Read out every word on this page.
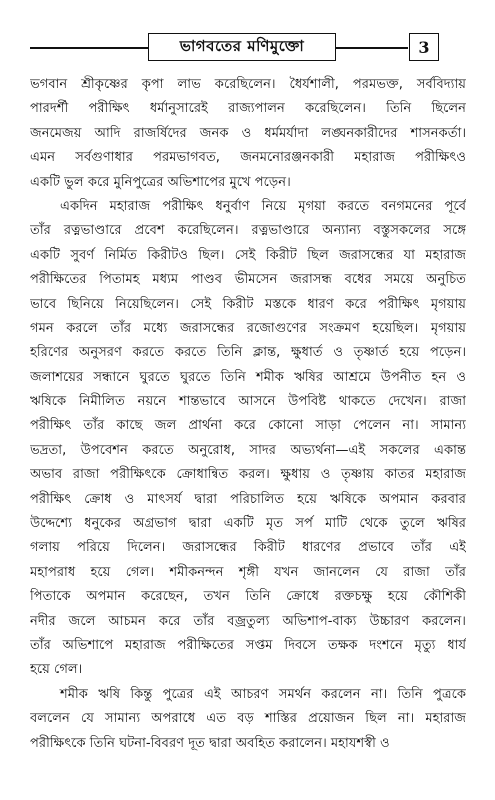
ভাগবতের মণিমুক্তো	3
ভগবান শ্রীকৃষ্ণের কৃপা লাভ করেছিলেন। ধৈর্যশালী, পরমভক্ত, সর্ববিদ্যায়
পারদর্শী পরীক্ষিৎ ধর্মানুসারেই রাজ্যপালন করেছিলেন। তিনি ছিলেন
জনমেজয় আদি রাজর্ষিদের জনক ও ধর্মমর্যাদা লঙ্ঘনকারীদের শাসনকর্তা।
এমন সর্বগুণাধার পরমভাগবত, জনমনোরঞ্জনকারী মহারাজ পরীক্ষিৎও
একটি ভুল করে মুনিপুত্রের অভিশাপের মুখে পড়েন।
একদিন মহারাজ পরীক্ষিৎ ধনুর্বাণ নিয়ে মৃগয়া করতে বনগমনের পূর্বে
তাঁর রত্নভাণ্ডারে প্রবেশ করেছিলেন। রত্নভাণ্ডারে অন্যান্য বস্তুসকলের সঙ্গে
একটি সুবর্ণ নির্মিত কিরীটও ছিল। সেই কিরীট ছিল জরাসন্ধের যা মহারাজ
পরীক্ষিতের পিতামহ মধ্যম পাণ্ডব ভীমসেন জরাসন্ধ বধের সময়ে অনুচিত
ভাবে ছিনিয়ে নিয়েছিলেন। সেই কিরীট মস্তকে ধারণ করে পরীক্ষিৎ মৃগয়ায়
গমন করলে তাঁর মধ্যে জরাসন্ধের রজোগুণের সংক্রমণ হয়েছিল। মৃগয়ায়
হরিণের অনুসরণ করতে করতে তিনি ক্লান্ত, ক্ষুধার্ত ও তৃষ্ণার্ত হয়ে পড়েন।
জলাশয়ের সন্ধানে ঘুরতে ঘুরতে তিনি শমীক ঋষির আশ্রমে উপনীত হন ও
ঋষিকে নিমীলিত নয়নে শান্তভাবে আসনে উপবিষ্ট থাকতে দেখেন। রাজা
পরীক্ষিৎ তাঁর কাছে জল প্রার্থনা করে কোনো সাড়া পেলেন না। সামান্য
ভদ্রতা, উপবেশন করতে অনুরোধ, সাদর অভ্যর্থনা—এই সকলের একান্ত
অভাব রাজা পরীক্ষিৎকে ক্রোধান্বিত করল। ক্ষুধায় ও তৃষ্ণায় কাতর মহারাজ
পরীক্ষিৎ ক্রোধ ও মাৎসর্য দ্বারা পরিচালিত হয়ে ঋষিকে অপমান করবার
উদ্দেশ্যে ধনুকের অগ্রভাগ দ্বারা একটি মৃত সর্প মাটি থেকে তুলে ঋষির
গলায় পরিয়ে দিলেন। জরাসন্ধের কিরীট ধারণের প্রভাবে তাঁর এই
মহাপরাধ হয়ে গেল। শমীকনন্দন শৃঙ্গী যখন জানলেন যে রাজা তাঁর
পিতাকে অপমান করেছেন, তখন তিনি ক্রোধে রক্তচক্ষু হয়ে কৌশিকী
নদীর জলে আচমন করে তাঁর বজ্রতুল্য অভিশাপ-বাক্য উচ্চারণ করলেন।
তাঁর অভিশাপে মহারাজ পরীক্ষিতের সপ্তম দিবসে তক্ষক দংশনে মৃত্যু ধার্য
হয়ে গেল।
শমীক ঋষি কিন্তু পুত্রের এই আচরণ সমর্থন করলেন না। তিনি পুত্রকে
বললেন যে সামান্য অপরাধে এত বড় শাস্তির প্রয়োজন ছিল না। মহারাজ
পরীক্ষিৎকে তিনি ঘটনা-বিবরণ দূত দ্বারা অবহিত করালেন। মহাযশস্বী ও
